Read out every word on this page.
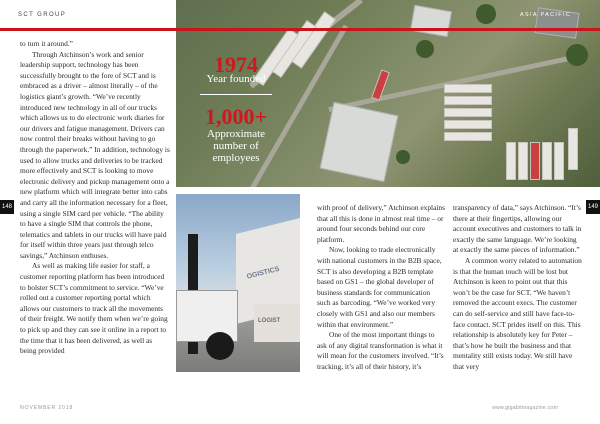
SCT GROUP	ASIA PACIFIC
1974
Year founded
1,000+
Approximate number of employees

to turn it around.”

Through Atchinson’s work and senior leadership support, technology has been successfully brought to the fore of SCT and is embraced as a driver – almost literally – of the logistics giant’s growth. “We’ve recently introduced new technology in all of our trucks which allows us to do electronic work diaries for our drivers and fatigue management. Drivers can now control their breaks without having to go through the paperwork.” In addition, technology is used to allow trucks and deliveries to be tracked more effectively and SCT is looking to move electronic delivery and pickup management onto a new platform which will integrate better into cabs and carry all the information necessary for a fleet, using a single SIM card per vehicle. “The ability to have a single SIM that controls the phone, telematics and tablets in our trucks will have paid for itself within three years just through telco savings,” Atchinson enthuses.

As well as making life easier for staff, a customer reporting platform has been introduced to bolster SCT’s commitment to service. “We’ve rolled out a customer reporting portal which allows our customers to track all the movements of their freight. We notify them when we’re going to pick up and they can see it online in a report to the time that it has been delivered, as well as being provided

148	149
OGISTICS
LOGIST

with proof of delivery,” Atchinson explains that all this is done in almost real time – or around four seconds behind our core platform.

Now, looking to trade electronically with national customers in the B2B space, SCT is also developing a B2B template based on GS1 – the global developer of business standards for communication such as barcoding. “We’ve worked very closely with GS1 and also our members within that environment.”

One of the most important things to ask of any digital transformation is what it will mean for the customers involved. “It’s tracking, it’s all of their history, it’s

transparency of data,” says Atchinson. “It’s there at their fingertips, allowing our account executives and customers to talk in exactly the same language. We’re looking at exactly the same pieces of information.”

A common worry related to automation is that the human touch will be lost but Atchinson is keen to point out that this won’t be the case for SCT. “We haven’t removed the account execs. The customer can do self-service and still have face-to-face contact. SCT prides itself on this. This relationship is absolutely key for Peter – that’s how he built the business and that mentality still exists today. We still have that very

NOVEMBER 2018	www.gigabitmagazine.com
